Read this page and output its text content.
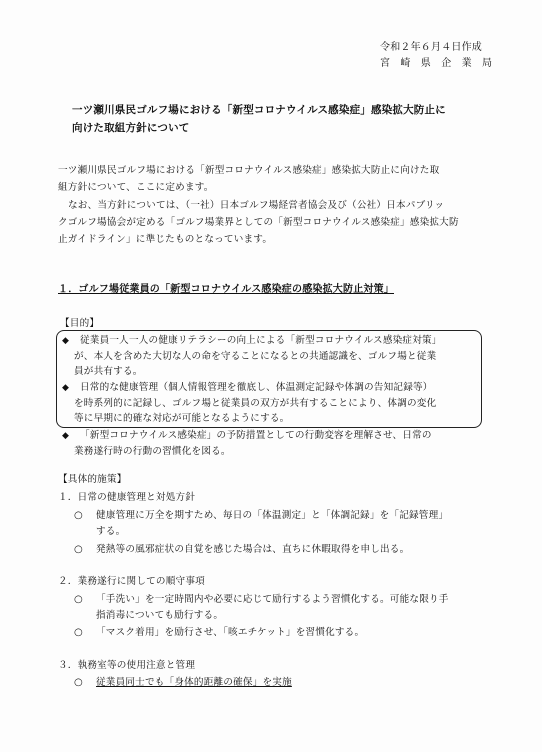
令和２年６月４日作成
宮　崎　県　企　業　局
一ツ瀬川県民ゴルフ場における「新型コロナウイルス感染症」感染拡大防止に
向けた取組方針について
一ツ瀬川県民ゴルフ場における「新型コロナウイルス感染症」感染拡大防止に向けた取
組方針について、ここに定めます。
なお、当方針については、（一社）日本ゴルフ場経営者協会及び（公社）日本パブリッ
クゴルフ場協会が定める「ゴルフ場業界としての「新型コロナウイルス感染症」感染拡大防
止ガイドライン」に準じたものとなっています。
１．ゴルフ場従業員の「新型コロナウイルス感染症の感染拡大防止対策」
【目的】
◆ 従業員一人一人の健康リテラシーの向上による「新型コロナウイルス感染症対策」
が、本人を含めた大切な人の命を守ることになるとの共通認識を、ゴルフ場と従業
員が共有する。
◆ 日常的な健康管理（個人情報管理を徹底し、体温測定記録や体調の告知記録等）
を時系列的に記録し、ゴルフ場と従業員の双方が共有することにより、体調の変化
等に早期に的確な対応が可能となるようにする。
◆ 「新型コロナウイルス感染症」の予防措置としての行動変容を理解させ、日常の
業務遂行時の行動の習慣化を図る。
【具体的施策】
１．日常の健康管理と対処方針
○ 健康管理に万全を期すため、毎日の「体温測定」と「体調記録」を「記録管理」
する。
○ 発熱等の風邪症状の自覚を感じた場合は、直ちに休暇取得を申し出る。
２．業務遂行に関しての順守事項
○ 「手洗い」を一定時間内や必要に応じて励行するよう習慣化する。可能な限り手
指消毒についても励行する。
○ 「マスク着用」を励行させ、「咳エチケット」を習慣化する。
３．執務室等の使用注意と管理
○ 従業員同士でも「身体的距離の確保」を実施
